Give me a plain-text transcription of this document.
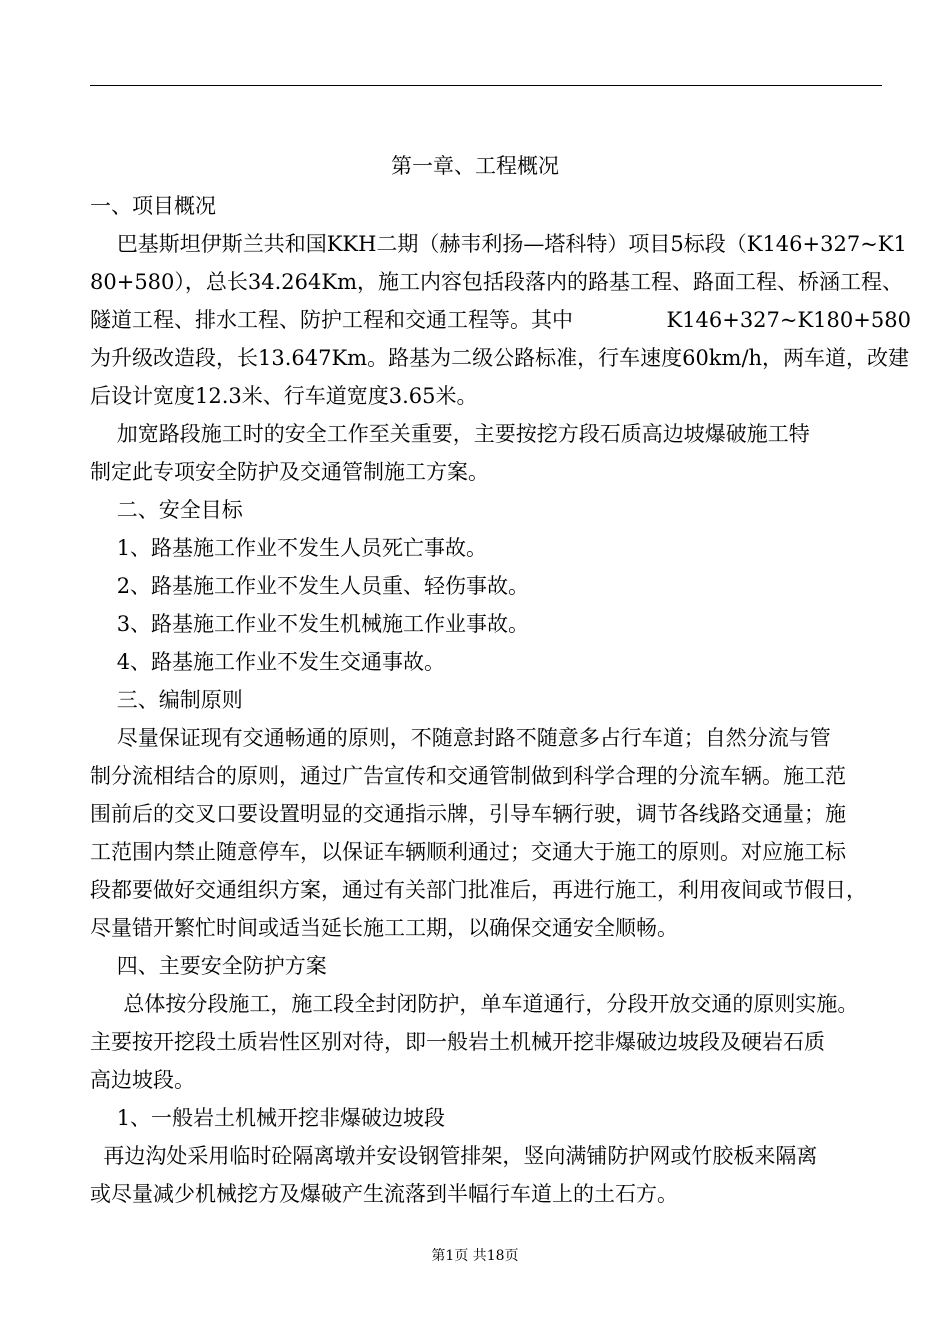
第一章、工程概况
一、项目概况
巴基斯坦伊斯兰共和国KKH二期（赫韦利扬—塔科特）项目5标段（K146+327~K1
80+580），总长34.264Km，施工内容包括段落内的路基工程、路面工程、桥涵工程、
隧道工程、排水工程、防护工程和交通工程等。其中              K146+327~K180+580
为升级改造段，长13.647Km。路基为二级公路标准，行车速度60km/h，两车道，改建
后设计宽度12.3米、行车道宽度3.65米。
加宽路段施工时的安全工作至关重要，主要按挖方段石质高边坡爆破施工特
制定此专项安全防护及交通管制施工方案。
二、安全目标
1、路基施工作业不发生人员死亡事故。
2、路基施工作业不发生人员重、轻伤事故。
3、路基施工作业不发生机械施工作业事故。
4、路基施工作业不发生交通事故。
三、编制原则
尽量保证现有交通畅通的原则，不随意封路不随意多占行车道；自然分流与管
制分流相结合的原则，通过广告宣传和交通管制做到科学合理的分流车辆。施工范
围前后的交叉口要设置明显的交通指示牌，引导车辆行驶，调节各线路交通量；施
工范围内禁止随意停车，以保证车辆顺利通过；交通大于施工的原则。对应施工标
段都要做好交通组织方案，通过有关部门批准后，再进行施工，利用夜间或节假日，
尽量错开繁忙时间或适当延长施工工期，以确保交通安全顺畅。
四、主要安全防护方案
总体按分段施工，施工段全封闭防护，单车道通行，分段开放交通的原则实施。
主要按开挖段土质岩性区别对待，即一般岩土机械开挖非爆破边坡段及硬岩石质
高边坡段。
1、一般岩土机械开挖非爆破边坡段
再边沟处采用临时砼隔离墩并安设钢管排架，竖向满铺防护网或竹胶板来隔离
或尽量减少机械挖方及爆破产生流落到半幅行车道上的土石方。
第1页 共18页
